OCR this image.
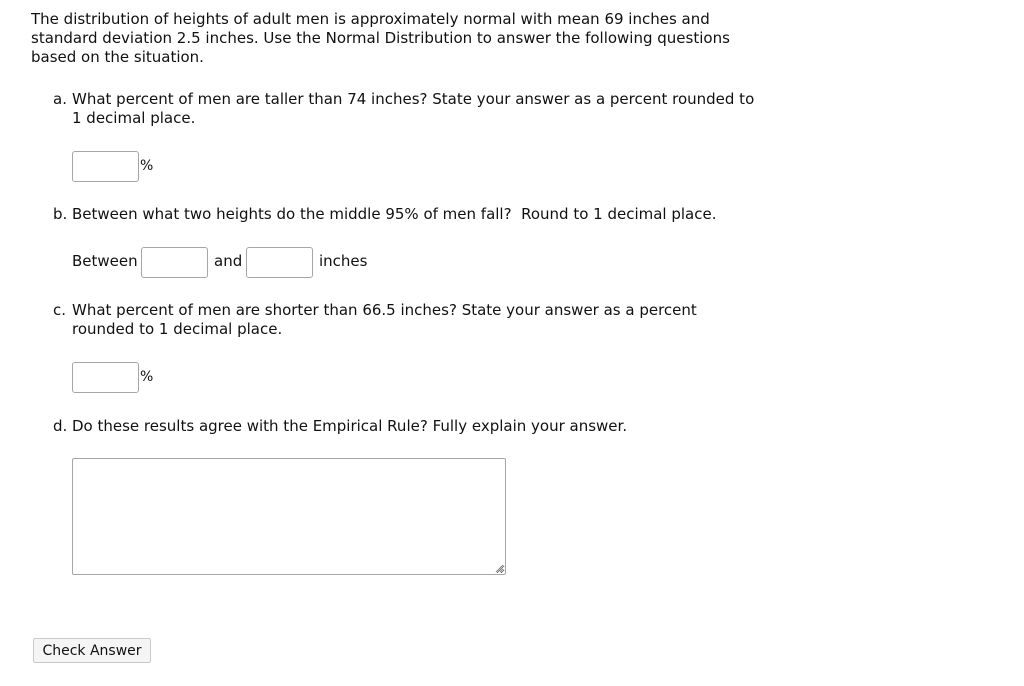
The distribution of heights of adult men is approximately normal with mean 69 inches and
standard deviation 2.5 inches. Use the Normal Distribution to answer the following questions
based on the situation.
a. What percent of men are taller than 74 inches? State your answer as a percent rounded to
1 decimal place.
%
b. Between what two heights do the middle 95% of men fall?  Round to 1 decimal place.
Between	and	inches
c. What percent of men are shorter than 66.5 inches? State your answer as a percent
rounded to 1 decimal place.
%
d. Do these results agree with the Empirical Rule? Fully explain your answer.
Check Answer
